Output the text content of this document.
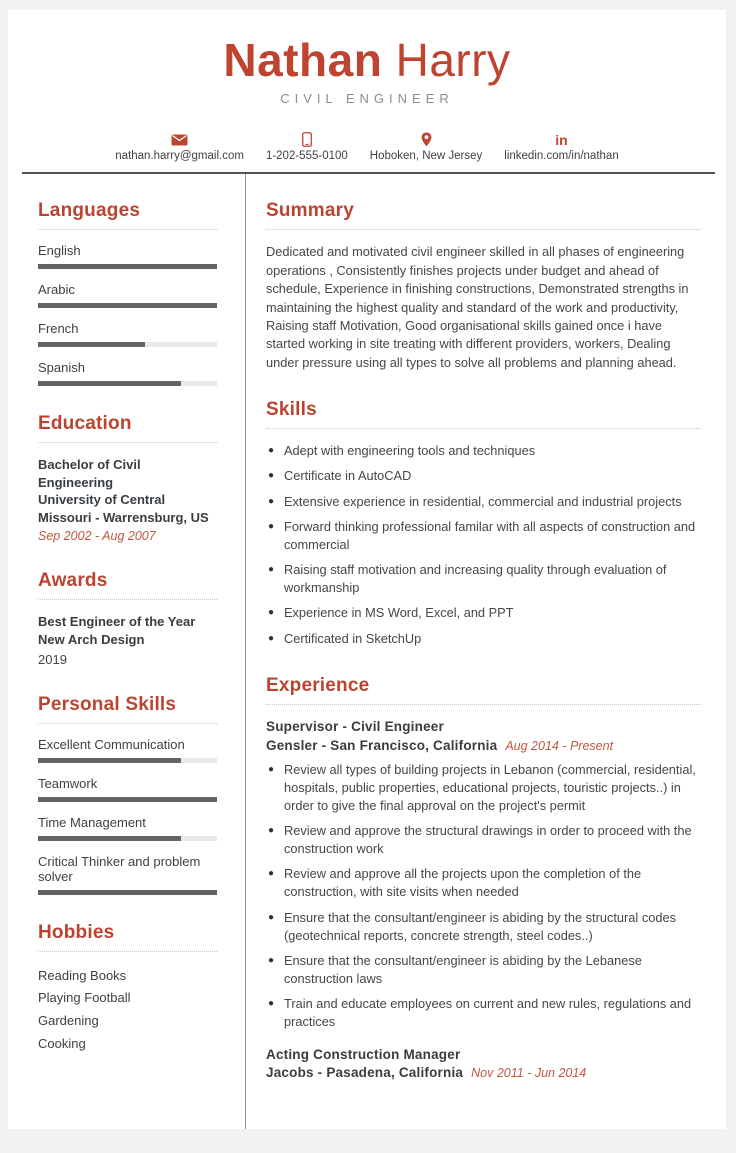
Nathan Harry
CIVIL ENGINEER
nathan.harry@gmail.com 1-202-555-0100 Hoboken, New Jersey
in
linkedin.com/in/nathan
Languages
English
Arabic
French
Spanish
Education
Bachelor of Civil Engineering
University of Central Missouri - Warrensburg, US
Sep 2002 - Aug 2007
Awards
Best Engineer of the Year
New Arch Design
2019
Personal Skills
Excellent Communication
Teamwork
Time Management
Critical Thinker and problem solver
Hobbies
Reading Books
Playing Football
Gardening
Cooking
Summary
Dedicated and motivated civil engineer skilled in all phases of engineering operations , Consistently finishes projects under budget and ahead of schedule, Experience in finishing constructions, Demonstrated strengths in maintaining the highest quality and standard of the work and productivity, Raising staff Motivation, Good organisational skills gained once i have started working in site treating with different providers, workers, Dealing under pressure using all types to solve all problems and planning ahead.
Skills
● Adept with engineering tools and techniques
● Certificate in AutoCAD
● Extensive experience in residential, commercial and industrial projects
● Forward thinking professional familar with all aspects of construction and commercial
● Raising staff motivation and increasing quality through evaluation of workmanship
● Experience in MS Word, Excel, and PPT
● Certificated in SketchUp
Experience
Supervisor - Civil Engineer
Gensler - San Francisco, California Aug 2014 - Present
● Review all types of building projects in Lebanon (commercial, residential, hospitals, public properties, educational projects, touristic projects..) in order to give the final approval on the project's permit
● Review and approve the structural drawings in order to proceed with the construction work
● Review and approve all the projects upon the completion of the construction, with site visits when needed
● Ensure that the consultant/engineer is abiding by the structural codes (geotechnical reports, concrete strength, steel codes..)
● Ensure that the consultant/engineer is abiding by the Lebanese construction laws
● Train and educate employees on current and new rules, regulations and practices
Acting Construction Manager
Jacobs - Pasadena, California Nov 2011 - Jun 2014
